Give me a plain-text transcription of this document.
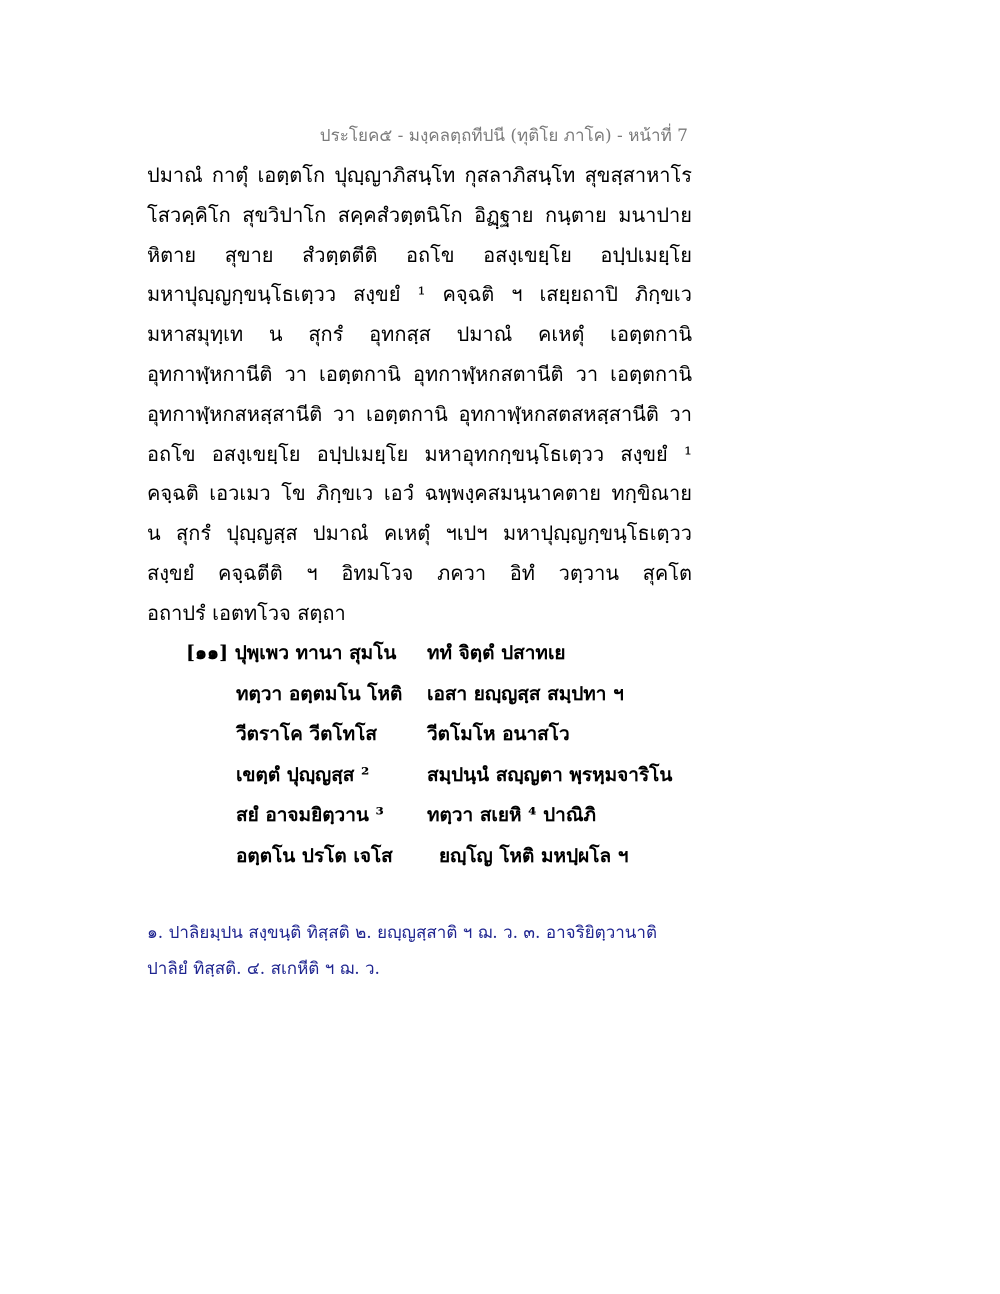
ประโยค๕ - มงฺคลตฺถทีปนี (ทุติโย ภาโค) - หน้าที่ 7
ปมาณํ กาตุํ เอตฺตโก ปุญฺญาภิสนฺโท กุสลาภิสนฺโท สุขสฺสาหาโร
โสวคฺคิโก สุขวิปาโก สคฺคสํวตฺตนิโก อิฏฺฐาย กนฺตาย มนาปาย
หิตาย สุขาย สํวตฺตตีติ อถโข อสงฺเขยฺโย อปฺปเมยฺโย
มหาปุญฺญกฺขนฺโธเตฺวว สงฺขยํ ¹ คจฺฉติ ฯ เสยฺยถาปิ ภิกฺขเว
มหาสมุทฺเท น สุกรํ อุทกสฺส ปมาณํ คเหตุํ เอตฺตกานิ
อุทกาฬฺหกานีติ วา เอตฺตกานิ อุทกาฬฺหกสตานีติ วา เอตฺตกานิ
อุทกาฬฺหกสหสฺสานีติ วา เอตฺตกานิ อุทกาฬฺหกสตสหสฺสานีติ วา
อถโข อสงฺเขยฺโย อปฺปเมยฺโย มหาอุทกกฺขนฺโธเตฺวว สงฺขยํ ¹
คจฺฉติ เอวเมว โข ภิกฺขเว เอวํ ฉพฺพงฺคสมนฺนาคตาย ทกฺขิณาย
น สุกรํ ปุญฺญสฺส ปมาณํ คเหตุํ ฯเปฯ มหาปุญฺญกฺขนฺโธเตฺวว
สงฺขยํ คจฺฉตีติ ฯ อิทมโวจ ภควา อิทํ วตฺวาน สุคโต
อถาปรํ เอตทโวจ สตฺถา
[๑๑] ปุพฺเพว ทานา สุมโน ททํ จิตฺตํ ปสาทเย
ทตฺวา อตฺตมโน โหติ เอสา ยญฺญสฺส สมฺปทา ฯ
วีตราโค วีตโทโส	วีตโมโห อนาสโว
เขตฺตํ ปุญฺญสฺส ²	สมฺปนฺนํ สญฺญตา พฺรหฺมจาริโน
สยํ อาจมยิตฺวาน ³ ทตฺวา สเยหิ ⁴ ปาณิภิ
อตฺตโน ปรโต เจโส ยญฺโญ โหติ มหปฺผโล ฯ
๑. ปาลิยมฺปน สงฺขนฺติ ทิสฺสติ ๒. ยญฺญสฺสาติ ฯ ฌ. ว. ๓. อาจริยิตฺวานาติ
ปาลิยํ ทิสฺสติ. ๔. สเกหีติ ฯ ฌ. ว.
